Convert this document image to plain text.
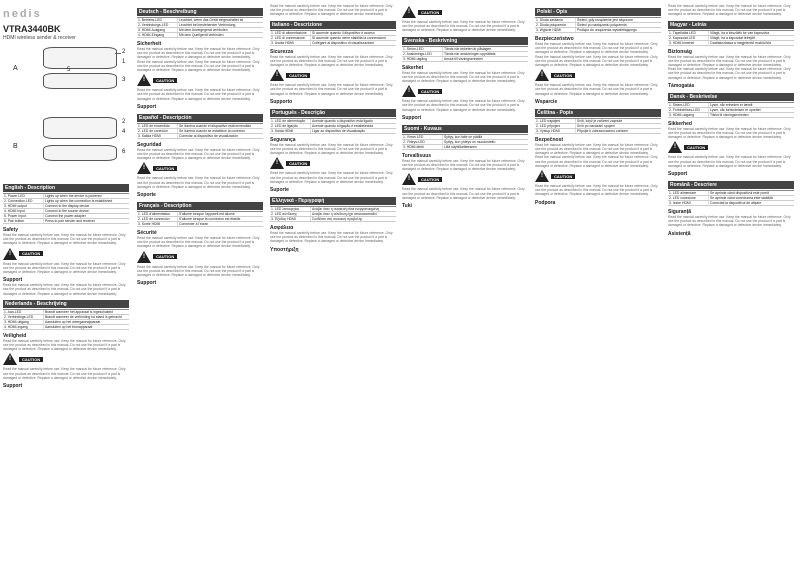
nedis
VTRA3440BK
HDMI wireless sender & receiver
A
2
1
5
3
B
2
4
6
English - Description
1. Power LED	Lights up when the device is powered
2. Connection LED	Lights up when the connection is established
3. HDMI output	Connect to the display device
4. HDMI input	Connect to the source device
5. Power input	Connect the power adapter
6. Pair button	Press to pair sender and receiver
Safety
Read the manual carefully before use. Keep the manual for future reference. Only use the product as described in this manual. Do not use the product if a part is damaged or defective. Replace a damaged or defective device immediately.
!
CAUTION
Read the manual carefully before use. Keep the manual for future reference. Only use the product as described in this manual. Do not use the product if a part is damaged or defective. Replace a damaged or defective device immediately.
Support
Read the manual carefully before use. Keep the manual for future reference. Only use the product as described in this manual. Do not use the product if a part is damaged or defective. Replace a damaged or defective device immediately.
Nederlands - Beschrijving
1. Aan-LED	Brandt wanneer het apparaat is ingeschakeld
2. Verbindings-LED	Brandt wanneer de verbinding tot stand is gebracht
3. HDMI-uitgang	Aansluiten op het weergaveapparaat
4. HDMI-ingang	Aansluiten op het bronapparaat
Veiligheid
Read the manual carefully before use. Keep the manual for future reference. Only use the product as described in this manual. Do not use the product if a part is damaged or defective. Replace a damaged or defective device immediately.
!
CAUTION
Read the manual carefully before use. Keep the manual for future reference. Only use the product as described in this manual. Do not use the product if a part is damaged or defective. Replace a damaged or defective device immediately.
Support
Deutsch - Beschreibung
1. Betriebs-LED	Leuchtet, wenn das Gerät eingeschaltet ist
2. Verbindungs-LED	Leuchtet bei bestehender Verbindung
3. HDMI-Ausgang	Mit dem Anzeigegerät verbinden
4. HDMI-Eingang	Mit dem Quellgerät verbinden
Sicherheit
Read the manual carefully before use. Keep the manual for future reference. Only use the product as described in this manual. Do not use the product if a part is damaged or defective. Replace a damaged or defective device immediately.
Read the manual carefully before use. Keep the manual for future reference. Only use the product as described in this manual. Do not use the product if a part is damaged or defective. Replace a damaged or defective device immediately.
!
CAUTION
Read the manual carefully before use. Keep the manual for future reference. Only use the product as described in this manual. Do not use the product if a part is damaged or defective. Replace a damaged or defective device immediately.
Support
Español - Descripción
1. LED de encendido	Se ilumina cuando el dispositivo está encendido
2. LED de conexión	Se ilumina cuando se establece la conexión
3. Salida HDMI	Conectar al dispositivo de visualización
Seguridad
Read the manual carefully before use. Keep the manual for future reference. Only use the product as described in this manual. Do not use the product if a part is damaged or defective. Replace a damaged or defective device immediately.
!
CAUTION
Read the manual carefully before use. Keep the manual for future reference. Only use the product as described in this manual. Do not use the product if a part is damaged or defective. Replace a damaged or defective device immediately.
Soporte
Français - Description
1. LED d'alimentation	S'allume lorsque l'appareil est allumé
2. LED de connexion	S'allume lorsque la connexion est établie
3. Sortie HDMI	Connecter à l'écran
Sécurité
Read the manual carefully before use. Keep the manual for future reference. Only use the product as described in this manual. Do not use the product if a part is damaged or defective. Replace a damaged or defective device immediately.
!
CAUTION
Read the manual carefully before use. Keep the manual for future reference. Only use the product as described in this manual. Do not use the product if a part is damaged or defective. Replace a damaged or defective device immediately.
Support
Read the manual carefully before use. Keep the manual for future reference. Only use the product as described in this manual. Do not use the product if a part is damaged or defective. Replace a damaged or defective device immediately.
Italiano - Descrizione
1. LED di alimentazione	Si accende quando il dispositivo è acceso
2. LED di connessione	Si accende quando viene stabilita la connessione
3. Uscita HDMI	Collegare al dispositivo di visualizzazione
Sicurezza
Read the manual carefully before use. Keep the manual for future reference. Only use the product as described in this manual. Do not use the product if a part is damaged or defective. Replace a damaged or defective device immediately.
!
CAUTION
Read the manual carefully before use. Keep the manual for future reference. Only use the product as described in this manual. Do not use the product if a part is damaged or defective. Replace a damaged or defective device immediately.
Supporto
Português - Descrição
1. LED de alimentação	Acende quando o dispositivo está ligado
2. LED de ligação	Acende quando a ligação é estabelecida
3. Saída HDMI	Ligar ao dispositivo de visualização
Segurança
Read the manual carefully before use. Keep the manual for future reference. Only use the product as described in this manual. Do not use the product if a part is damaged or defective. Replace a damaged or defective device immediately.
!
CAUTION
Read the manual carefully before use. Keep the manual for future reference. Only use the product as described in this manual. Do not use the product if a part is damaged or defective. Replace a damaged or defective device immediately.
Suporte
Ελληνικά - Περιγραφή
1. LED λειτουργίας	Ανάβει όταν η συσκευή είναι ενεργοποιημένη
2. LED σύνδεσης	Ανάβει όταν η σύνδεση έχει αποκατασταθεί
3. Έξοδος HDMI	Συνδέστε στη συσκευή προβολής
Ασφάλεια
Read the manual carefully before use. Keep the manual for future reference. Only use the product as described in this manual. Do not use the product if a part is damaged or defective. Replace a damaged or defective device immediately.
Υποστήριξη
!
CAUTION
Read the manual carefully before use. Keep the manual for future reference. Only use the product as described in this manual. Do not use the product if a part is damaged or defective. Replace a damaged or defective device immediately.
Svenska - Beskrivning
1. Ström-LED	Tänds när enheten är påslagen
2. Anslutnings-LED	Tänds när anslutningen upprättats
3. HDMI-utgång	Anslut till visningsenheten
Säkerhet
Read the manual carefully before use. Keep the manual for future reference. Only use the product as described in this manual. Do not use the product if a part is damaged or defective. Replace a damaged or defective device immediately.
!
CAUTION
Read the manual carefully before use. Keep the manual for future reference. Only use the product as described in this manual. Do not use the product if a part is damaged or defective. Replace a damaged or defective device immediately.
Support
Suomi - Kuvaus
1. Virran LED	Syttyy, kun laite on päällä
2. Yhteys-LED	Syttyy, kun yhteys on muodostettu
3. HDMI-lähtö	Liitä näyttölaitteeseen
Turvallisuus
Read the manual carefully before use. Keep the manual for future reference. Only use the product as described in this manual. Do not use the product if a part is damaged or defective. Replace a damaged or defective device immediately.
!
CAUTION
Read the manual carefully before use. Keep the manual for future reference. Only use the product as described in this manual. Do not use the product if a part is damaged or defective. Replace a damaged or defective device immediately.
Tuki
Polski - Opis
1. Dioda zasilania	Świeci, gdy urządzenie jest włączone
2. Dioda połączenia	Świeci po nawiązaniu połączenia
3. Wyjście HDMI	Podłącz do urządzenia wyświetlającego
Bezpieczeństwo
Read the manual carefully before use. Keep the manual for future reference. Only use the product as described in this manual. Do not use the product if a part is damaged or defective. Replace a damaged or defective device immediately.
Read the manual carefully before use. Keep the manual for future reference. Only use the product as described in this manual. Do not use the product if a part is damaged or defective. Replace a damaged or defective device immediately.
!
CAUTION
Read the manual carefully before use. Keep the manual for future reference. Only use the product as described in this manual. Do not use the product if a part is damaged or defective. Replace a damaged or defective device immediately.
Wsparcie
Čeština - Popis
1. LED napájení	Svítí, když je zařízení zapnuté
2. LED připojení	Svítí po navázání spojení
3. Výstup HDMI	Připojte k zobrazovacímu zařízení
Bezpečnost
Read the manual carefully before use. Keep the manual for future reference. Only use the product as described in this manual. Do not use the product if a part is damaged or defective. Replace a damaged or defective device immediately.
Read the manual carefully before use. Keep the manual for future reference. Only use the product as described in this manual. Do not use the product if a part is damaged or defective. Replace a damaged or defective device immediately.
!
CAUTION
Read the manual carefully before use. Keep the manual for future reference. Only use the product as described in this manual. Do not use the product if a part is damaged or defective. Replace a damaged or defective device immediately.
Podpora
Read the manual carefully before use. Keep the manual for future reference. Only use the product as described in this manual. Do not use the product if a part is damaged or defective. Replace a damaged or defective device immediately.
Magyar - Leírás
1. Tápellátás LED	Világít, ha a készülék be van kapcsolva
2. Kapcsolat LED	Világít, ha a kapcsolat létrejött
3. HDMI kimenet	Csatlakoztassa a megjelenítő eszközhöz
Biztonság
Read the manual carefully before use. Keep the manual for future reference. Only use the product as described in this manual. Do not use the product if a part is damaged or defective. Replace a damaged or defective device immediately.
Read the manual carefully before use. Keep the manual for future reference. Only use the product as described in this manual. Do not use the product if a part is damaged or defective. Replace a damaged or defective device immediately.
Támogatás
Dansk - Beskrivelse
1. Strøm-LED	Lyser, når enheden er tændt
2. Forbindelses-LED	Lyser, når forbindelsen er oprettet
3. HDMI-udgang	Tilslut til visningsenheden
Sikkerhed
Read the manual carefully before use. Keep the manual for future reference. Only use the product as described in this manual. Do not use the product if a part is damaged or defective. Replace a damaged or defective device immediately.
!
CAUTION
Read the manual carefully before use. Keep the manual for future reference. Only use the product as described in this manual. Do not use the product if a part is damaged or defective. Replace a damaged or defective device immediately.
Support
Română - Descriere
1. LED alimentare	Se aprinde când dispozitivul este pornit
2. LED conexiune	Se aprinde când conexiunea este stabilită
3. Ieșire HDMI	Conectați la dispozitivul de afișare
Siguranță
Read the manual carefully before use. Keep the manual for future reference. Only use the product as described in this manual. Do not use the product if a part is damaged or defective. Replace a damaged or defective device immediately.
Asistență
